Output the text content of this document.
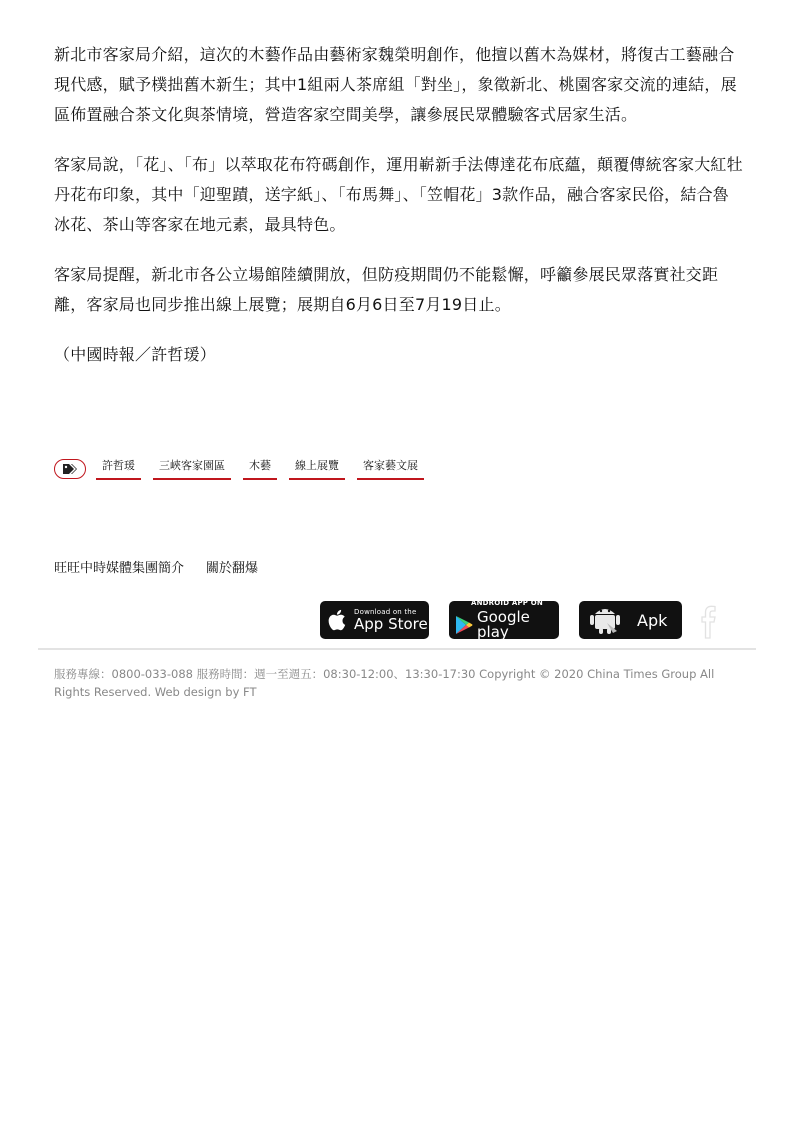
新北市客家局介紹，這次的木藝作品由藝術家魏榮明創作，他擅以舊木為媒材，將復古工藝融合現代感，賦予樸拙舊木新生；其中1組兩人茶席組「對坐」，象徵新北、桃園客家交流的連結，展區佈置融合茶文化與茶情境，營造客家空間美學，讓參展民眾體驗客式居家生活。

客家局說，「花」、「布」以萃取花布符碼創作，運用嶄新手法傳達花布底蘊，顛覆傳統客家大紅牡丹花布印象，其中「迎聖蹟，送字紙」、「布馬舞」、「笠帽花」3款作品，融合客家民俗，結合魯冰花、茶山等客家在地元素，最具特色。

客家局提醒，新北市各公立場館陸續開放，但防疫期間仍不能鬆懈，呼籲參展民眾落實社交距離，客家局也同步推出線上展覽；展期自6月6日至7月19日止。

（中國時報／許哲瑗）

許哲瑗	三峽客家園區	木藝	線上展覽	客家藝文展
旺旺中時媒體集團簡介 關於翻爆
Download on the
App Store
ANDROID APP ON
Google play
Apk
服務專線：0800-033-088 服務時間：週一至週五：08:30-12:00、13:30-17:30 Copyright © 2020 China Times Group All Rights Reserved. Web design by FT
